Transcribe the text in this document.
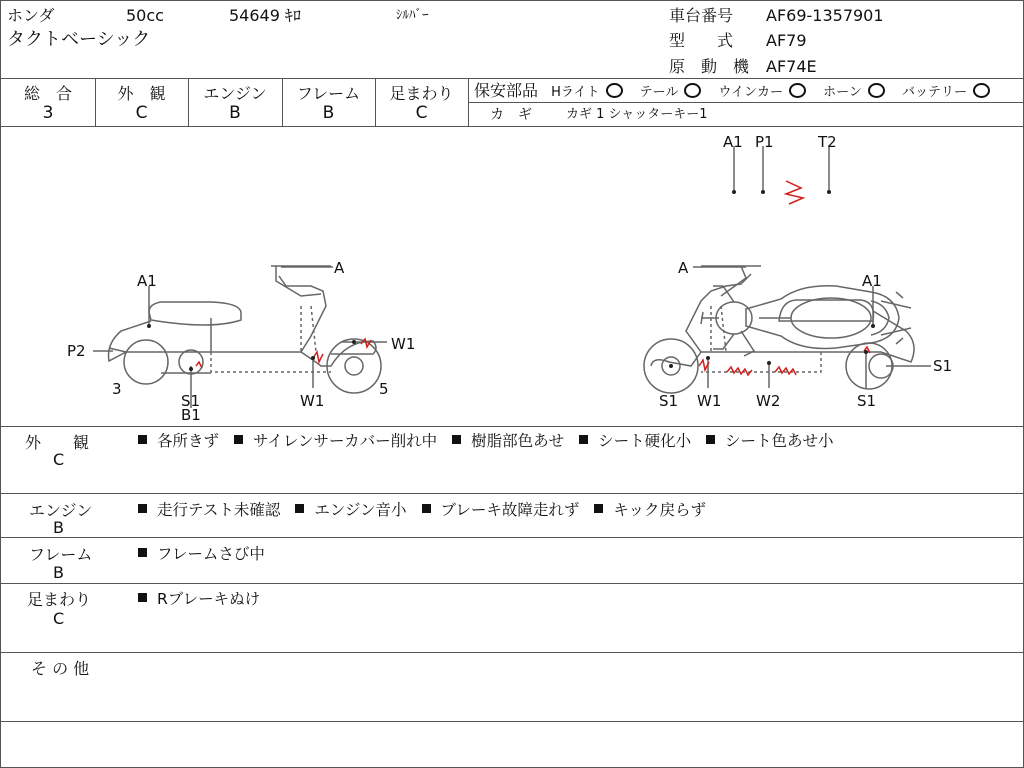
ホンダ	50cc	54649 ｷﾛ	ｼﾙﾊﾞｰ
タクトベーシック
車台番号 AF69-1357901
型　　式 AF79
原　動　機 AF74E
総　合
3
外　観
C
エンジン
B
フレーム
B
足まわり
C
保安部品 Hライト	テール	ウインカー	ホーン	バッテリー
カ　ギ	カギ 1 シャッターキー1
A1 P1	T2
A
A1
P2	W1
3
S1
B1
W1
5
A
A1
S1
S1 W1 W2	S1
外　　観
C
各所きず サイレンサーカバー削れ中 樹脂部色あせ シート硬化小 シート色あせ小
エンジン
B
走行テスト未確認 エンジン音小 ブレーキ故障走れず キック戻らず
フレーム
B
フレームさび中
足まわり
C
Rブレーキぬけ
そ の 他
